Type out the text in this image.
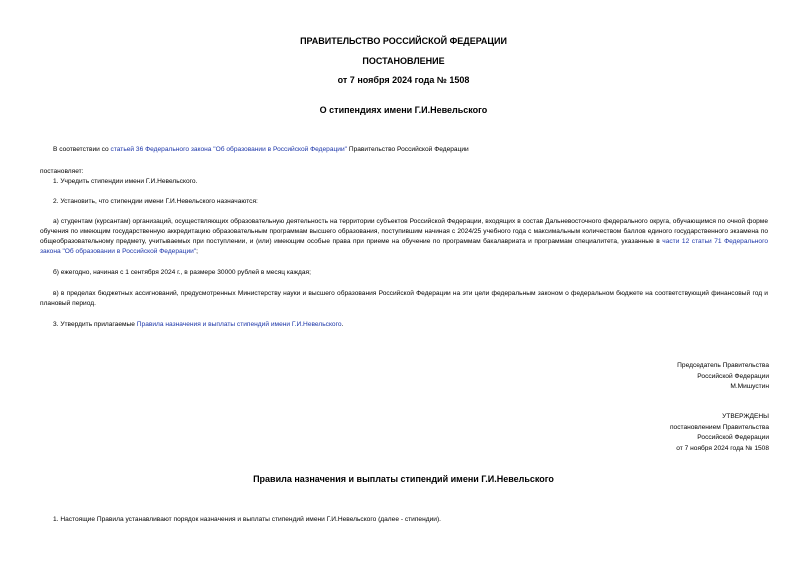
ПРАВИТЕЛЬСТВО РОССИЙСКОЙ ФЕДЕРАЦИИ
ПОСТАНОВЛЕНИЕ
от 7 ноября 2024 года № 1508
О стипендиях имени Г.И.Невельского
В соответствии со статьей 36 Федерального закона "Об образовании в Российской Федерации" Правительство Российской Федерации
постановляет:
1. Учредить стипендии имени Г.И.Невельского.
2. Установить, что стипендии имени Г.И.Невельского назначаются:
а) студентам (курсантам) организаций, осуществляющих образовательную деятельность на территории субъектов Российской Федерации, входящих в состав Дальневосточного федерального округа, обучающимся по очной форме обучения по имеющим государственную аккредитацию образовательным программам высшего образования, поступившим начиная с 2024/25 учебного года с максимальным количеством баллов единого государственного экзамена по общеобразовательному предмету, учитываемых при поступлении, и (или) имеющим особые права при приеме на обучение по программам бакалавриата и программам специалитета, указанные в части 12 статьи 71 Федерального закона "Об образовании в Российской Федерации";
б) ежегодно, начиная с 1 сентября 2024 г., в размере 30000 рублей в месяц каждая;
в) в пределах бюджетных ассигнований, предусмотренных Министерству науки и высшего образования Российской Федерации на эти цели федеральным законом о федеральном бюджете на соответствующий финансовый год и плановый период.
3. Утвердить прилагаемые Правила назначения и выплаты стипендий имени Г.И.Невельского.
Председатель Правительства
Российской Федерации
М.Мишустин
УТВЕРЖДЕНЫ
постановлением Правительства
Российской Федерации
от 7 ноября 2024 года № 1508
Правила назначения и выплаты стипендий имени Г.И.Невельского
1. Настоящие Правила устанавливают порядок назначения и выплаты стипендий имени Г.И.Невельского (далее - стипендии).
